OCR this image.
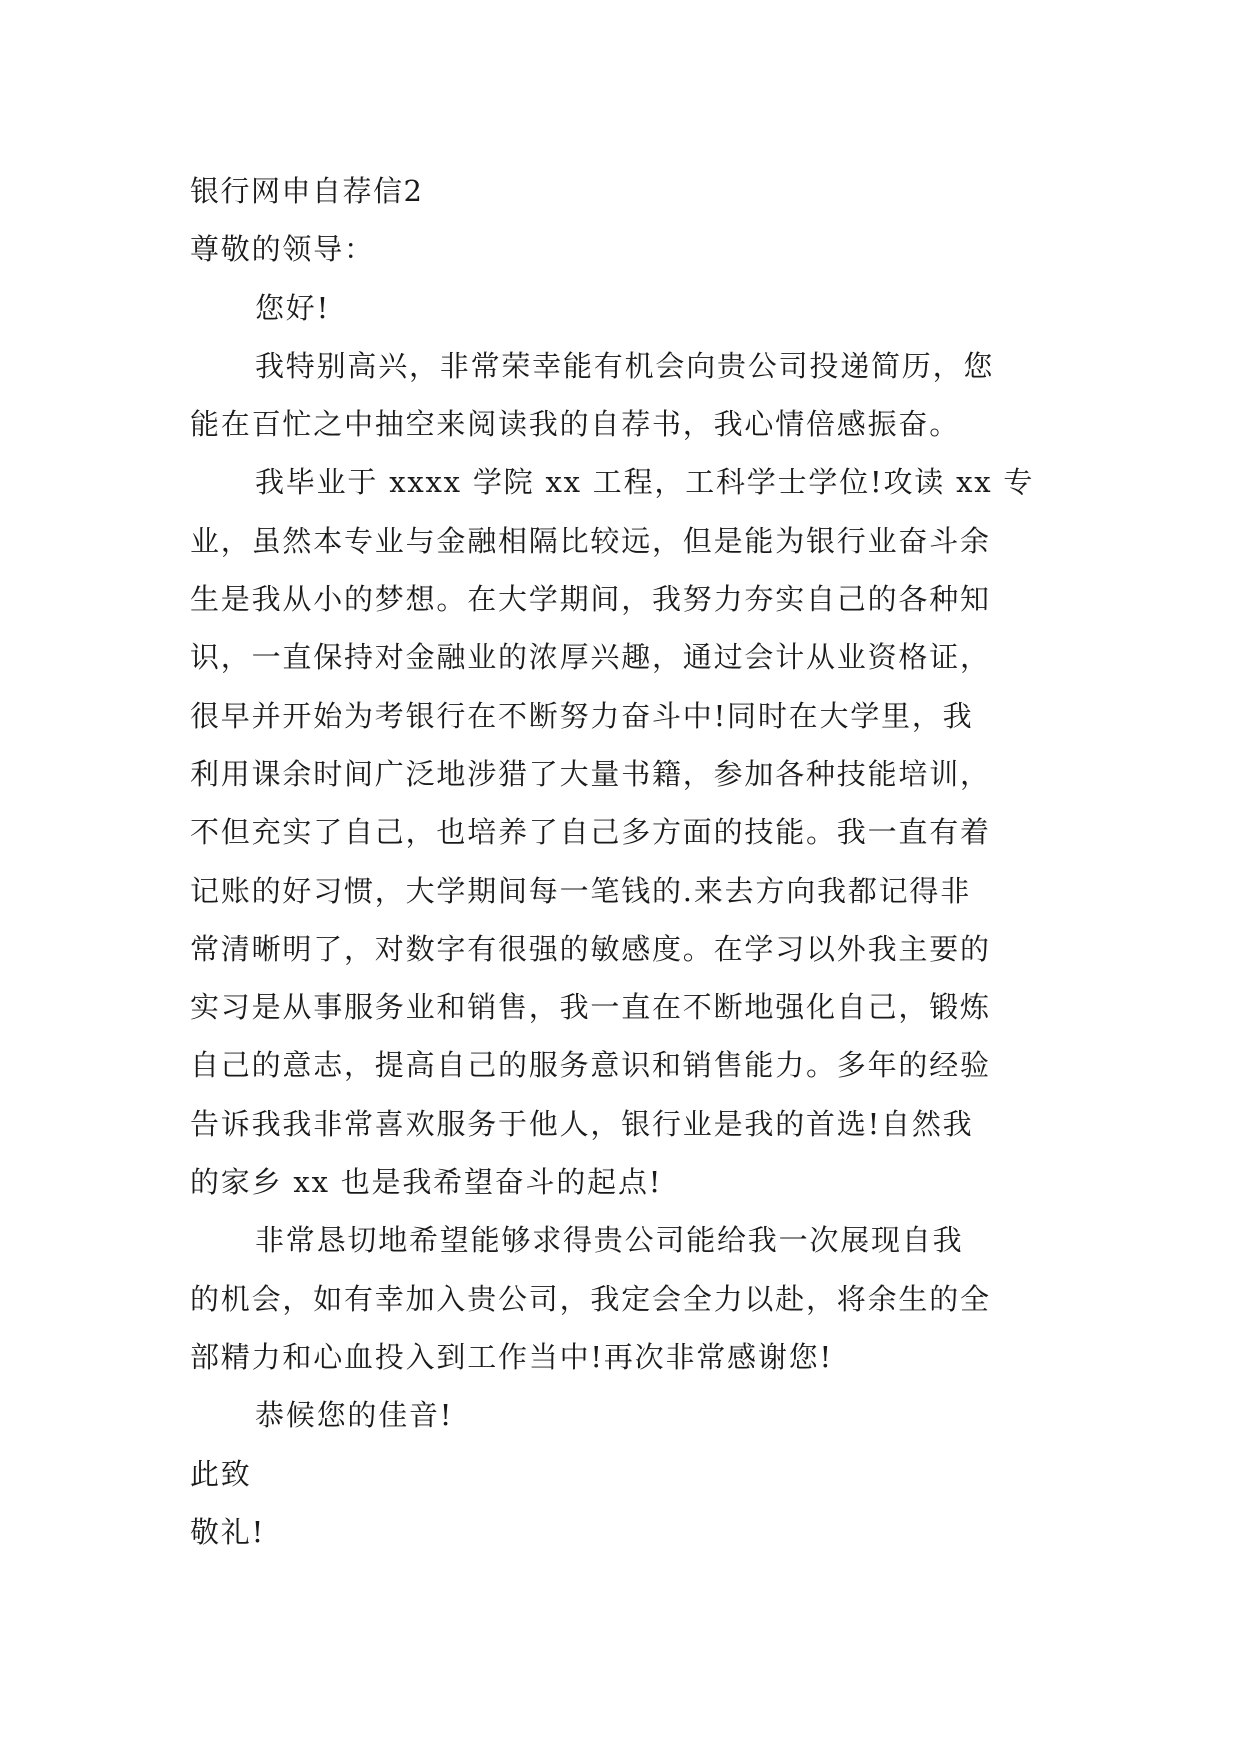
银行网申自荐信2
尊敬的领导：
您好!
我特别高兴，非常荣幸能有机会向贵公司投递简历，您
能在百忙之中抽空来阅读我的自荐书，我心情倍感振奋。
我毕业于 xxxx 学院 xx 工程，工科学士学位!攻读 xx 专
业，虽然本专业与金融相隔比较远，但是能为银行业奋斗余
生是我从小的梦想。在大学期间，我努力夯实自己的各种知
识，一直保持对金融业的浓厚兴趣，通过会计从业资格证，
很早并开始为考银行在不断努力奋斗中!同时在大学里，我
利用课余时间广泛地涉猎了大量书籍，参加各种技能培训，
不但充实了自己，也培养了自己多方面的技能。我一直有着
记账的好习惯，大学期间每一笔钱的.来去方向我都记得非
常清晰明了，对数字有很强的敏感度。在学习以外我主要的
实习是从事服务业和销售，我一直在不断地强化自己，锻炼
自己的意志，提高自己的服务意识和销售能力。多年的经验
告诉我我非常喜欢服务于他人，银行业是我的首选!自然我
的家乡 xx 也是我希望奋斗的起点!
非常恳切地希望能够求得贵公司能给我一次展现自我
的机会，如有幸加入贵公司，我定会全力以赴，将余生的全
部精力和心血投入到工作当中!再次非常感谢您!
恭候您的佳音!
此致
敬礼!
